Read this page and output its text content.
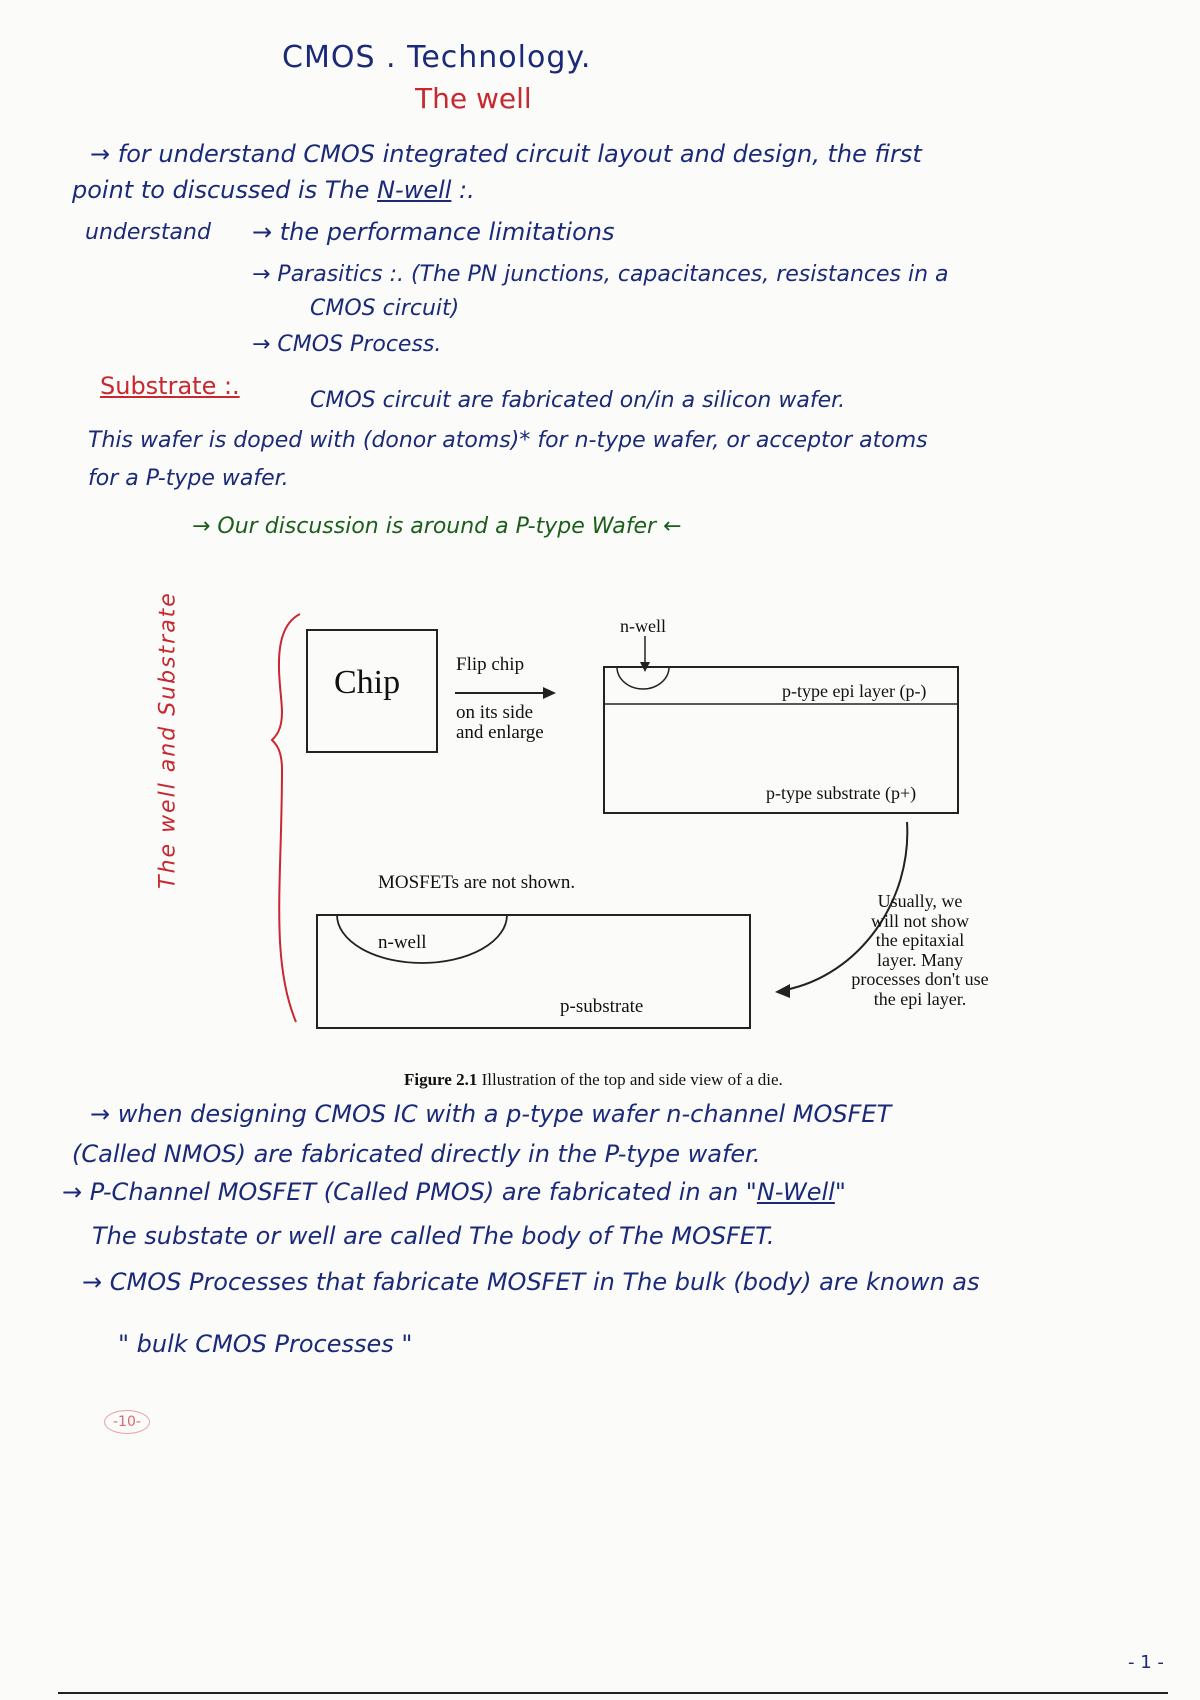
CMOS . Technology.
The well
→ for understand CMOS integrated circuit layout and design, the first
point to discussed is The N-well :.
understand → the performance limitations
→ Parasitics :. (The PN junctions, capacitances, resistances in a
CMOS circuit)
→ CMOS Process.
Substrate :.
CMOS circuit are fabricated on/in a silicon wafer.
This wafer is doped with (donor atoms)* for n-type wafer, or acceptor atoms
for a P-type wafer.
→ Our discussion is around a P-type Wafer ←
The well and Substrate	Chip	Flip chip
on its side
and enlarge
n-well
p-type epi layer (p-)
p-type substrate (p+)
MOSFETs are not shown.
n-well
p-substrate
Usually, we
will not show
the epitaxial
layer. Many
processes don't use
the epi layer.
Figure 2.1 Illustration of the top and side view of a die.
→ when designing CMOS IC with a p-type wafer n-channel MOSFET
(Called NMOS) are fabricated directly in the P-type wafer.
→ P-Channel MOSFET (Called PMOS) are fabricated in an "N-Well"
The substate or well are called The body of The MOSFET.
→ CMOS Processes that fabricate MOSFET in The bulk (body) are known as
" bulk CMOS Processes "
-10-
- 1 -
